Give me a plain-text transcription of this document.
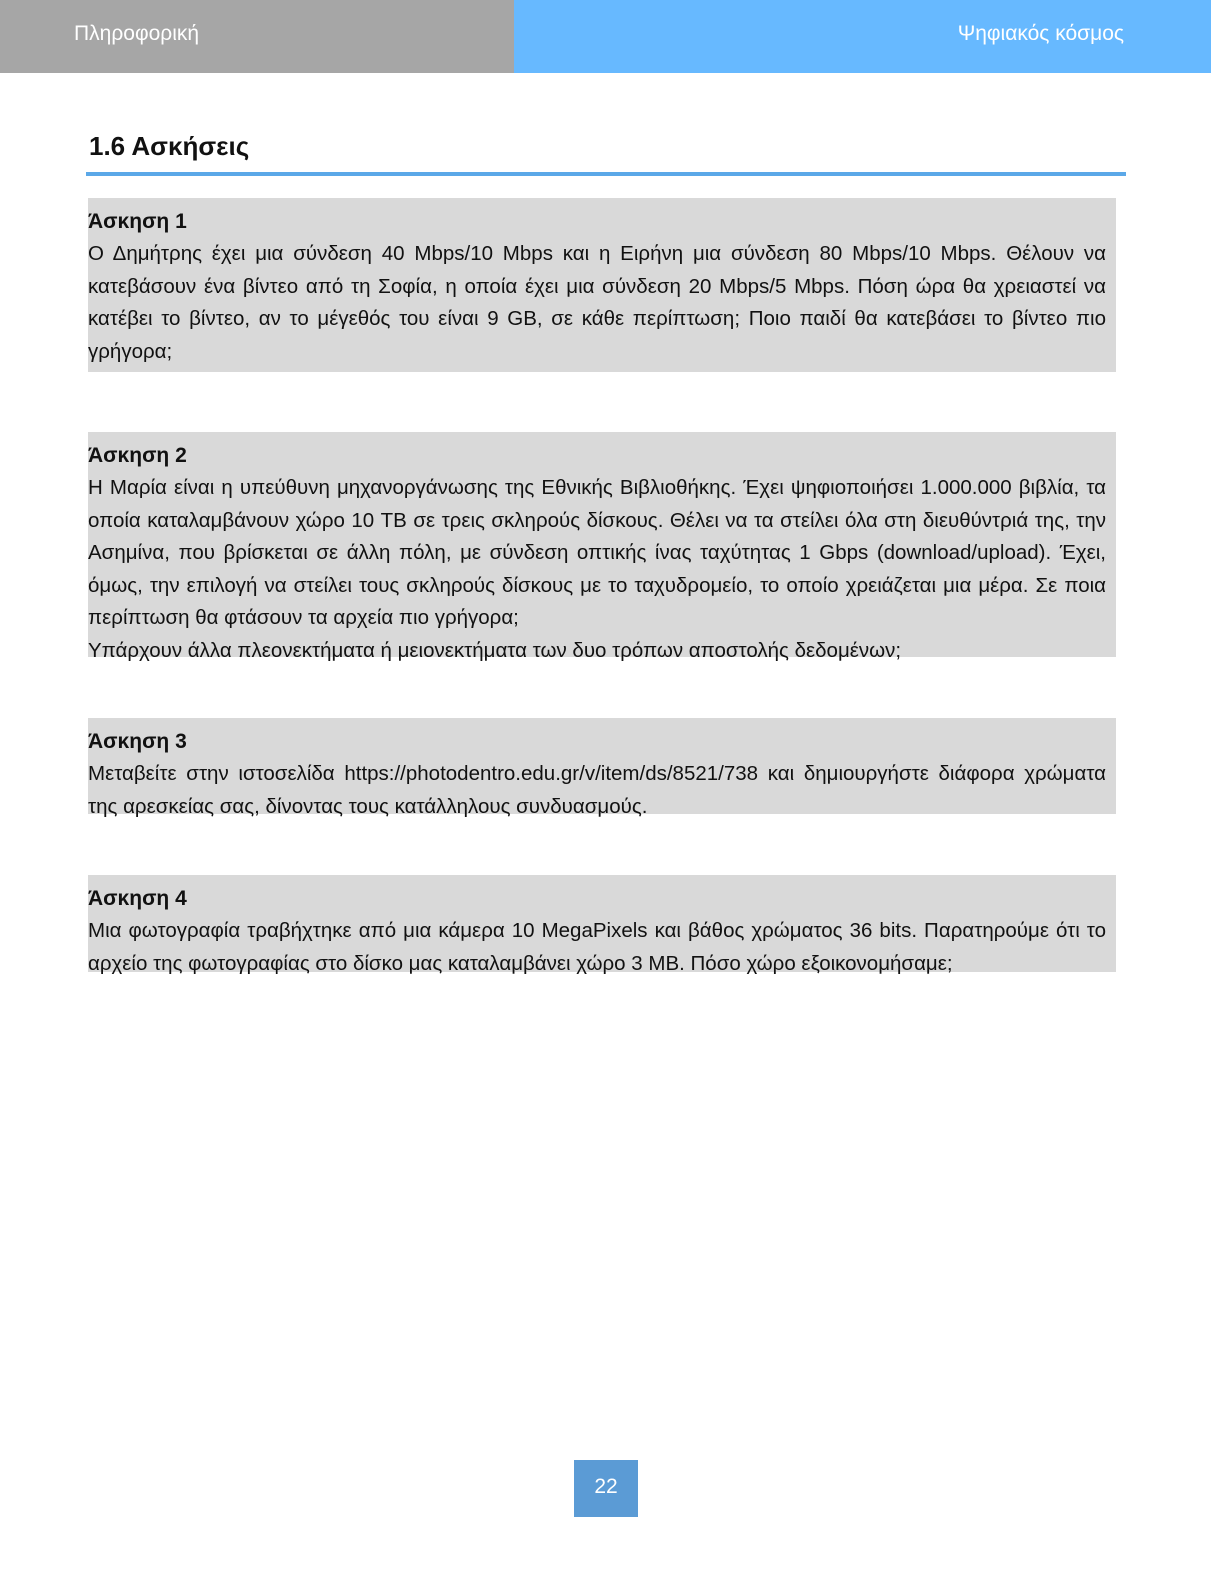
Πληροφορική	Ψηφιακός κόσμος
1.6 Ασκήσεις
Άσκηση 1

Ο Δημήτρης έχει μια σύνδεση 40 Mbps/10 Mbps και η Ειρήνη μια σύνδεση 80 Mbps/10 Mbps. Θέλουν να κατεβάσουν ένα βίντεο από τη Σοφία, η οποία έχει μια σύνδεση 20 Mbps/5 Mbps. Πόση ώρα θα χρειαστεί να κατέβει το βίντεο, αν το μέγεθός του είναι 9 GB, σε κάθε περίπτωση; Ποιο παιδί θα κατεβάσει το βίντεο πιο γρήγορα;

Άσκηση 2

Η Μαρία είναι η υπεύθυνη μηχανοργάνωσης της Εθνικής Βιβλιοθήκης. Έχει ψηφιοποιήσει 1.000.000 βιβλία, τα οποία καταλαμβάνουν χώρο 10 TB σε τρεις σκληρούς δίσκους. Θέλει να τα στείλει όλα στη διευθύντριά της, την Ασημίνα, που βρίσκεται σε άλλη πόλη, με σύνδεση οπτικής ίνας ταχύτητας 1 Gbps (download/upload). Έχει, όμως, την επιλογή να στείλει τους σκληρούς δίσκους με το ταχυδρομείο, το οποίο χρειάζεται μια μέρα. Σε ποια περίπτωση θα φτάσουν τα αρχεία πιο γρήγορα;

Υπάρχουν άλλα πλεονεκτήματα ή μειονεκτήματα των δυο τρόπων αποστολής δεδομένων;

Άσκηση 3

Μεταβείτε στην ιστοσελίδα https://photodentro.edu.gr/v/item/ds/8521/738 και δημιουργήστε διάφορα χρώματα της αρεσκείας σας, δίνοντας τους κατάλληλους συνδυασμούς.

Άσκηση 4

Μια φωτογραφία τραβήχτηκε από μια κάμερα 10 MegaPixels και βάθος χρώματος 36 bits. Παρατηρούμε ότι το αρχείο της φωτογραφίας στο δίσκο μας καταλαμβάνει χώρο 3 MB. Πόσο χώρο εξοικονομήσαμε;

22
